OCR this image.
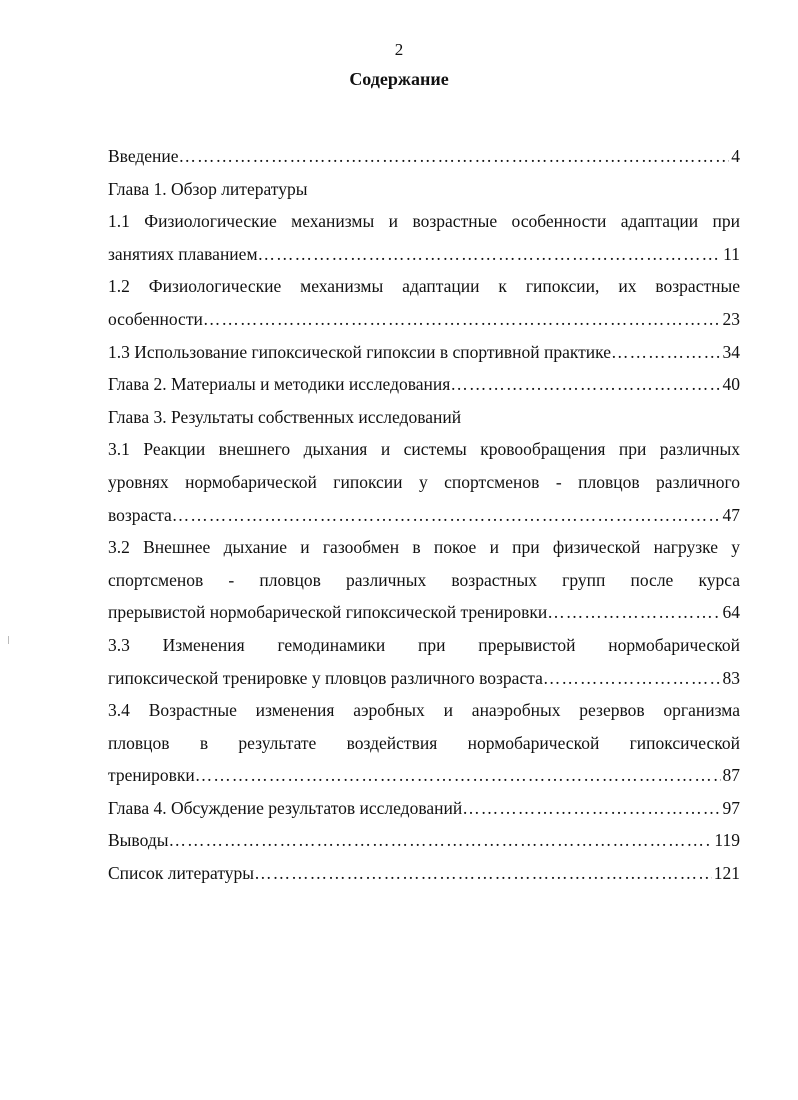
2
Содержание
Введение ……………………………………………………………………………………………………………………………………………………	4
Глава 1. Обзор литературы
1.1 Физиологические механизмы и возрастные особенности адаптации при
занятиях плаванием ……………………………………………………………………………………………………………………………………………………	11
1.2 Физиологические механизмы адаптации к гипоксии, их возрастные
особенности ……………………………………………………………………………………………………………………………………………………	23
1.3 Использование гипоксической гипоксии в спортивной практике ……………………………………………………………………………………………………………………………………………………	34
Глава 2. Материалы и методики исследования ……………………………………………………………………………………………………………………………………………………	40
Глава 3. Результаты собственных исследований
3.1 Реакции внешнего дыхания и системы кровообращения при различных
уровнях нормобарической гипоксии у спортсменов - пловцов различного
возраста ……………………………………………………………………………………………………………………………………………………	47
3.2 Внешнее дыхание и газообмен в покое и при физической нагрузке у
спортсменов - пловцов различных возрастных групп после курса
прерывистой нормобарической гипоксической тренировки ……………………………………………………………………………………………………………………………………………………	64
3.3 Изменения гемодинамики при прерывистой нормобарической
гипоксической тренировке у пловцов различного возраста ……………………………………………………………………………………………………………………………………………………	83
3.4 Возрастные изменения аэробных и анаэробных резервов организма
пловцов в результате воздействия нормобарической гипоксической
тренировки ……………………………………………………………………………………………………………………………………………………	87
Глава 4. Обсуждение результатов исследований ……………………………………………………………………………………………………………………………………………………	97
Выводы ……………………………………………………………………………………………………………………………………………………	119
Список литературы ……………………………………………………………………………………………………………………………………………………	121
